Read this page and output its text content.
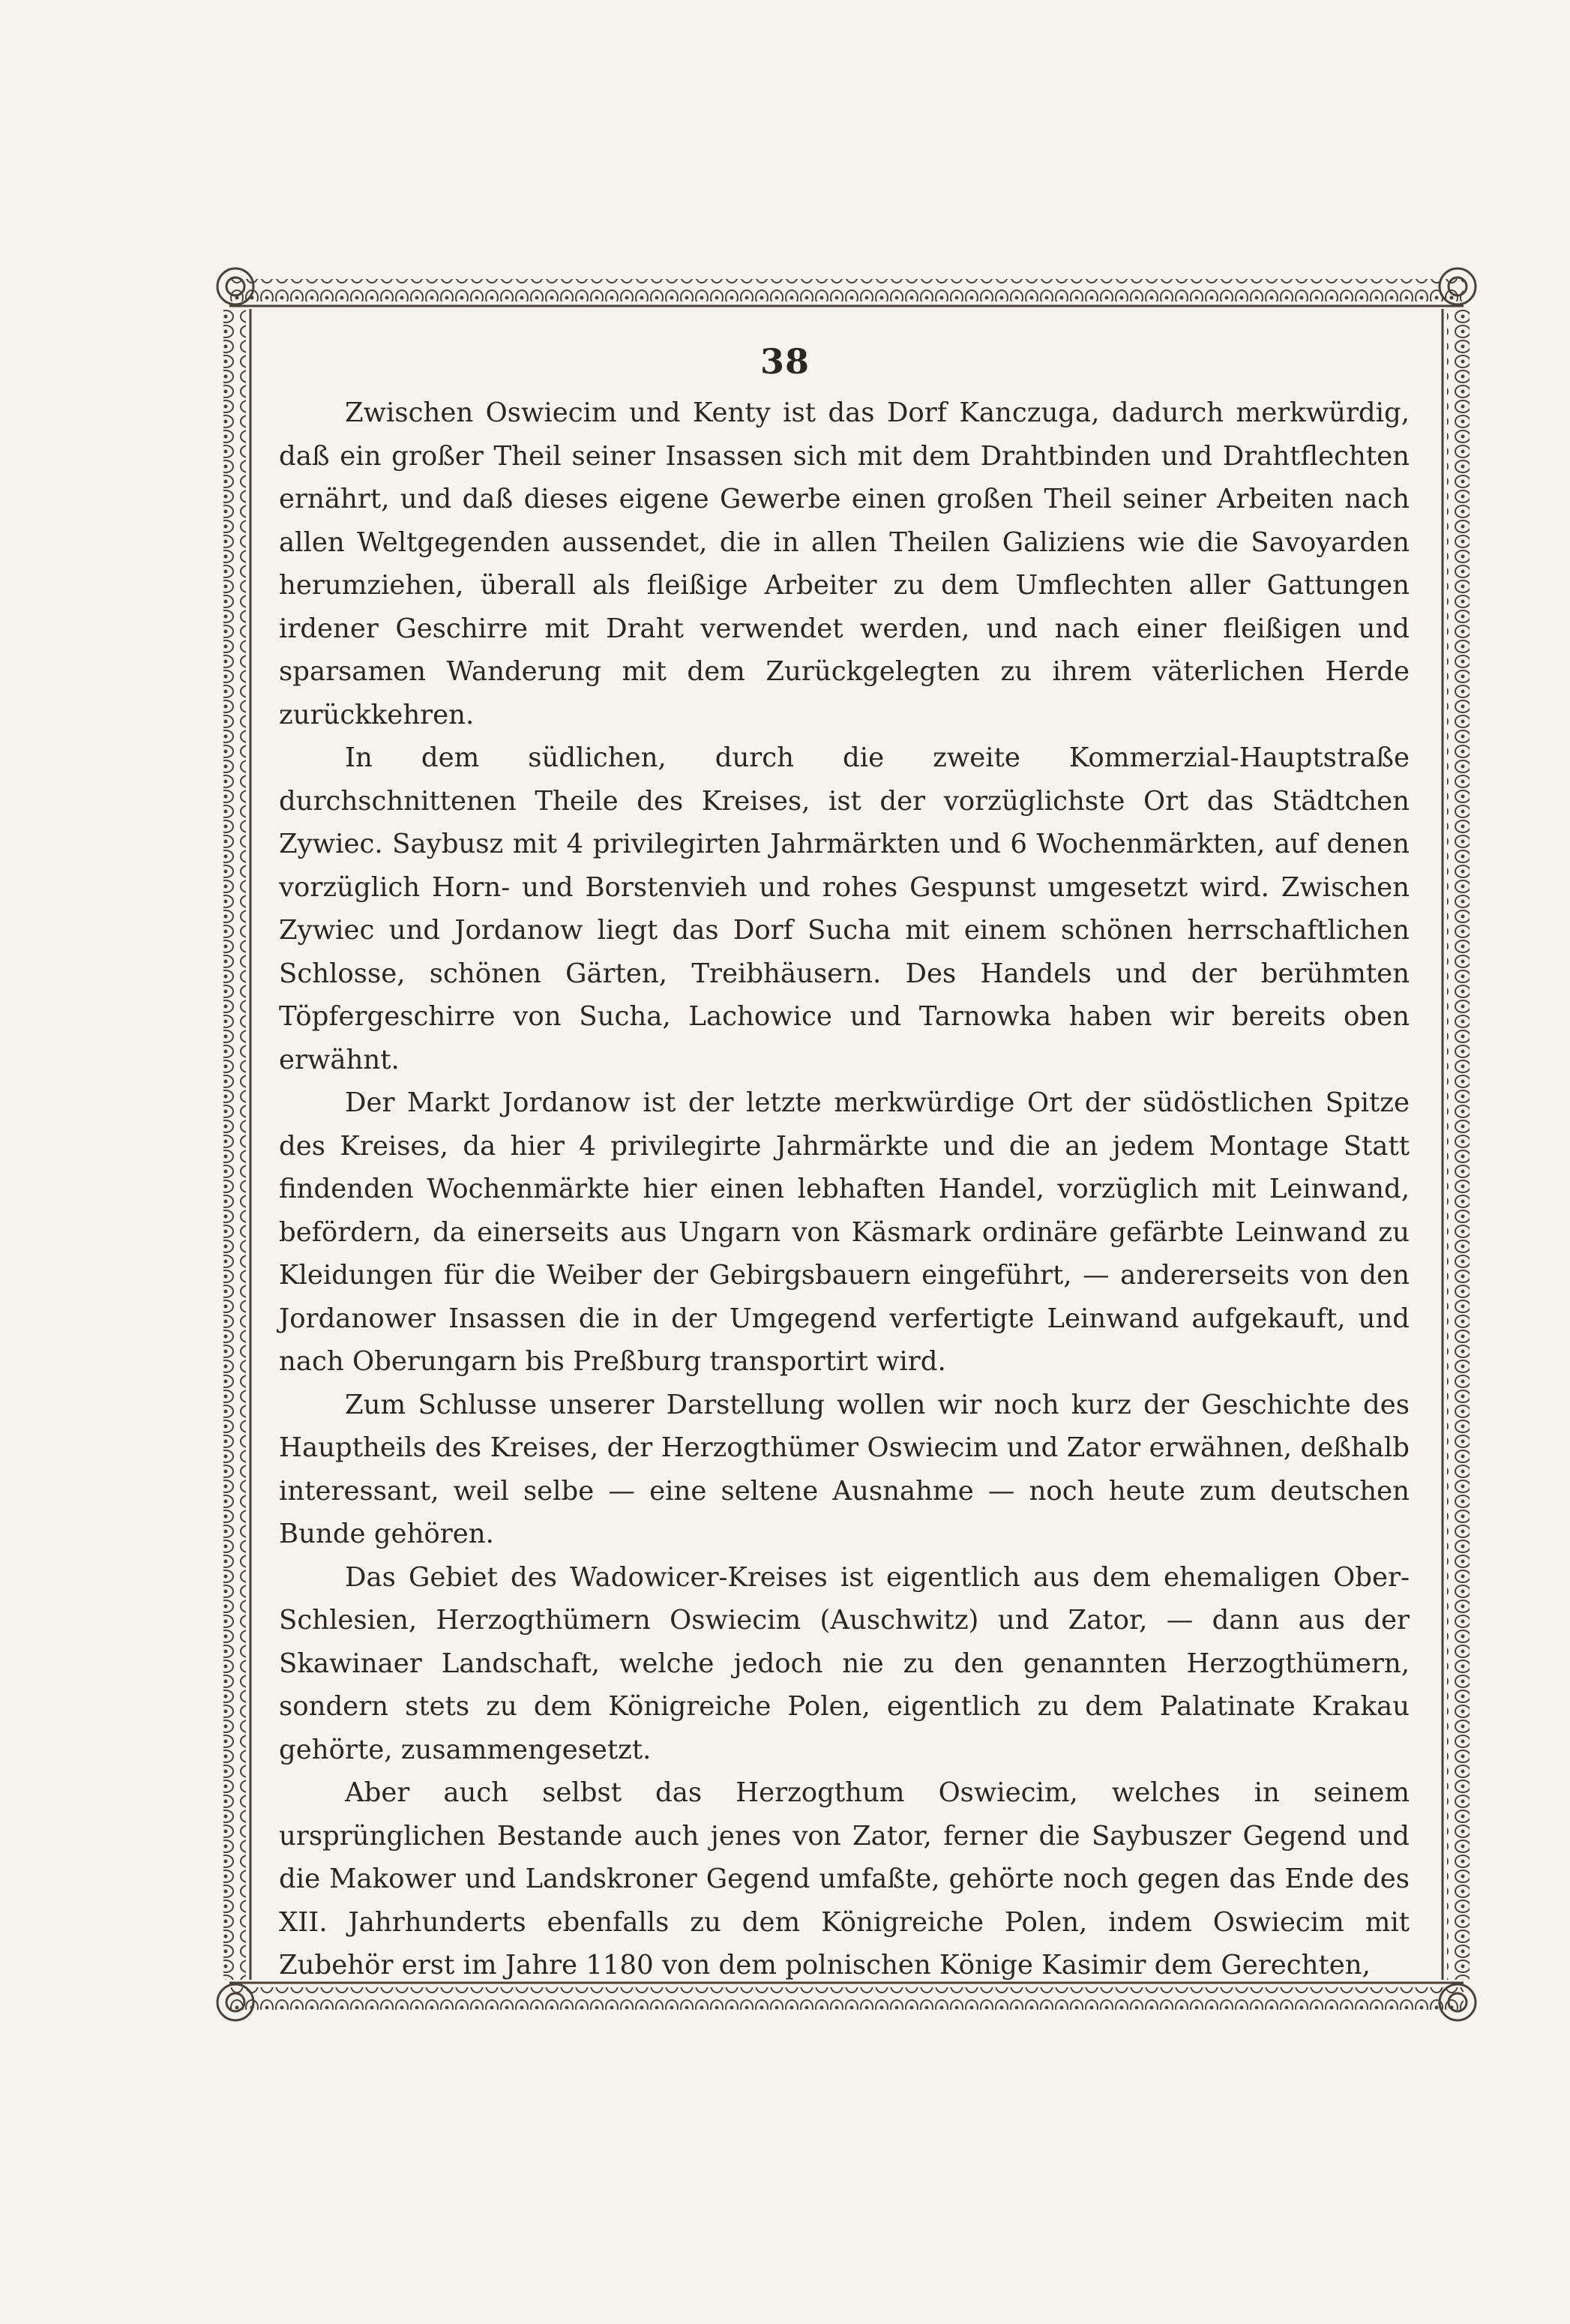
38

Zwischen Oswiecim und Kenty ist das Dorf Kanczuga, dadurch merkwürdig, daß ein großer Theil seiner Insassen sich mit dem Drahtbinden und Drahtflechten ernährt, und daß dieses eigene Gewerbe einen großen Theil seiner Arbeiten nach allen Weltgegenden aussendet, die in allen Theilen Galiziens wie die Savoyarden herumziehen, überall als fleißige Arbeiter zu dem Umflechten aller Gattungen irdener Geschirre mit Draht verwendet werden, und nach einer fleißigen und sparsamen Wanderung mit dem Zurückgelegten zu ihrem väterlichen Herde zurückkehren.

In dem südlichen, durch die zweite Kommerzial-Hauptstraße durchschnittenen Theile des Kreises, ist der vorzüglichste Ort das Städtchen Zywiec. Saybusz mit 4 privilegirten Jahrmärkten und 6 Wochenmärkten, auf denen vorzüglich Horn- und Borstenvieh und rohes Gespunst umgesetzt wird. Zwischen Zywiec und Jordanow liegt das Dorf Sucha mit einem schönen herrschaftlichen Schlosse, schönen Gärten, Treibhäusern. Des Handels und der berühmten Töpfergeschirre von Sucha, Lachowice und Tarnowka haben wir bereits oben erwähnt.

Der Markt Jordanow ist der letzte merkwürdige Ort der südöstlichen Spitze des Kreises, da hier 4 privilegirte Jahrmärkte und die an jedem Montage Statt findenden Wochenmärkte hier einen lebhaften Handel, vorzüglich mit Leinwand, befördern, da einerseits aus Ungarn von Käsmark ordinäre gefärbte Leinwand zu Kleidungen für die Weiber der Gebirgsbauern eingeführt, — andererseits von den Jordanower Insassen die in der Umgegend verfertigte Leinwand aufgekauft, und nach Oberungarn bis Preßburg transportirt wird.

Zum Schlusse unserer Darstellung wollen wir noch kurz der Geschichte des Hauptheils des Kreises, der Herzogthümer Oswiecim und Zator erwähnen, deßhalb interessant, weil selbe — eine seltene Ausnahme — noch heute zum deutschen Bunde gehören.

Das Gebiet des Wadowicer-Kreises ist eigentlich aus dem ehemaligen Ober-Schlesien, Herzogthümern Oswiecim (Auschwitz) und Zator, — dann aus der Skawinaer Landschaft, welche jedoch nie zu den genannten Herzogthümern, sondern stets zu dem Königreiche Polen, eigentlich zu dem Palatinate Krakau gehörte, zusammengesetzt.

Aber auch selbst das Herzogthum Oswiecim, welches in seinem ursprünglichen Bestande auch jenes von Zator, ferner die Saybuszer Gegend und die Makower und Landskroner Gegend umfaßte, gehörte noch gegen das Ende des XII. Jahrhunderts ebenfalls zu dem Königreiche Polen, indem Oswiecim mit Zubehör erst im Jahre 1180 von dem polnischen Könige Kasimir dem Gerechten,
